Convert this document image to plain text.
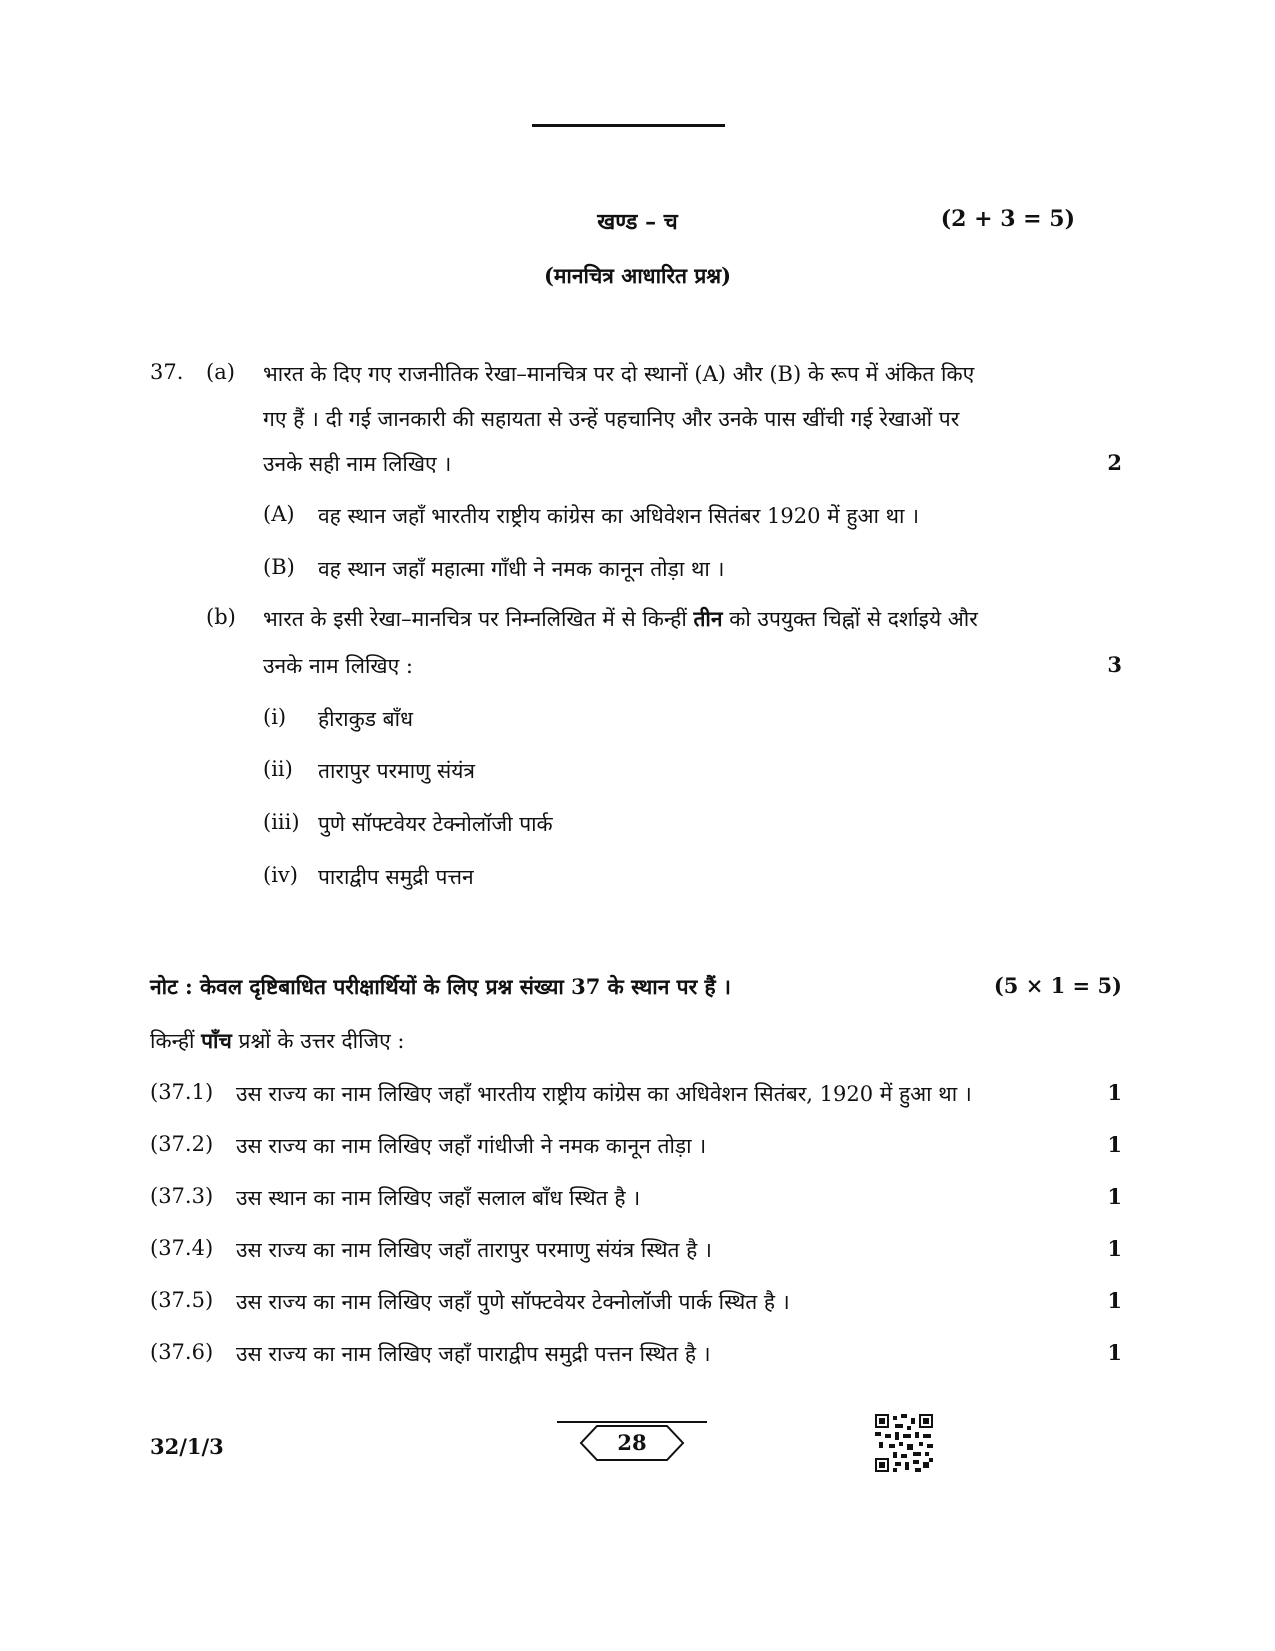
खण्ड – च	(2 + 3 = 5)
(मानचित्र आधारित प्रश्न)
37. (a) भारत के दिए गए राजनीतिक रेखा–मानचित्र पर दो स्थानों (A) और (B) के रूप में अंकित किए
गए हैं । दी गई जानकारी की सहायता से उन्हें पहचानिए और उनके पास खींची गई रेखाओं पर
उनके सही नाम लिखिए ।	2
(A) वह स्थान जहाँ भारतीय राष्ट्रीय कांग्रेस का अधिवेशन सितंबर 1920 में हुआ था ।
(B) वह स्थान जहाँ महात्मा गाँधी ने नमक कानून तोड़ा था ।
(b) भारत के इसी रेखा–मानचित्र पर निम्नलिखित में से किन्हीं तीन को उपयुक्त चिह्नों से दर्शाइये और
उनके नाम लिखिए :	3
(i) हीराकुड बाँध
(ii) तारापुर परमाणु संयंत्र
(iii) पुणे सॉफ्टवेयर टेक्नोलॉजी पार्क
(iv) पाराद्वीप समुद्री पत्तन
नोट : केवल दृष्टिबाधित परीक्षार्थियों के लिए प्रश्न संख्या 37 के स्थान पर हैं ।	(5 × 1 = 5)
किन्हीं पाँच प्रश्नों के उत्तर दीजिए :
(37.1) उस राज्य का नाम लिखिए जहाँ भारतीय राष्ट्रीय कांग्रेस का अधिवेशन सितंबर, 1920 में हुआ था ।	1
(37.2) उस राज्य का नाम लिखिए जहाँ गांधीजी ने नमक कानून तोड़ा ।	1
(37.3) उस स्थान का नाम लिखिए जहाँ सलाल बाँध स्थित है ।	1
(37.4) उस राज्य का नाम लिखिए जहाँ तारापुर परमाणु संयंत्र स्थित है ।	1
(37.5) उस राज्य का नाम लिखिए जहाँ पुणे सॉफ्टवेयर टेक्नोलॉजी पार्क स्थित है ।	1
(37.6) उस राज्य का नाम लिखिए जहाँ पाराद्वीप समुद्री पत्तन स्थित है ।	1
32/1/3	28
